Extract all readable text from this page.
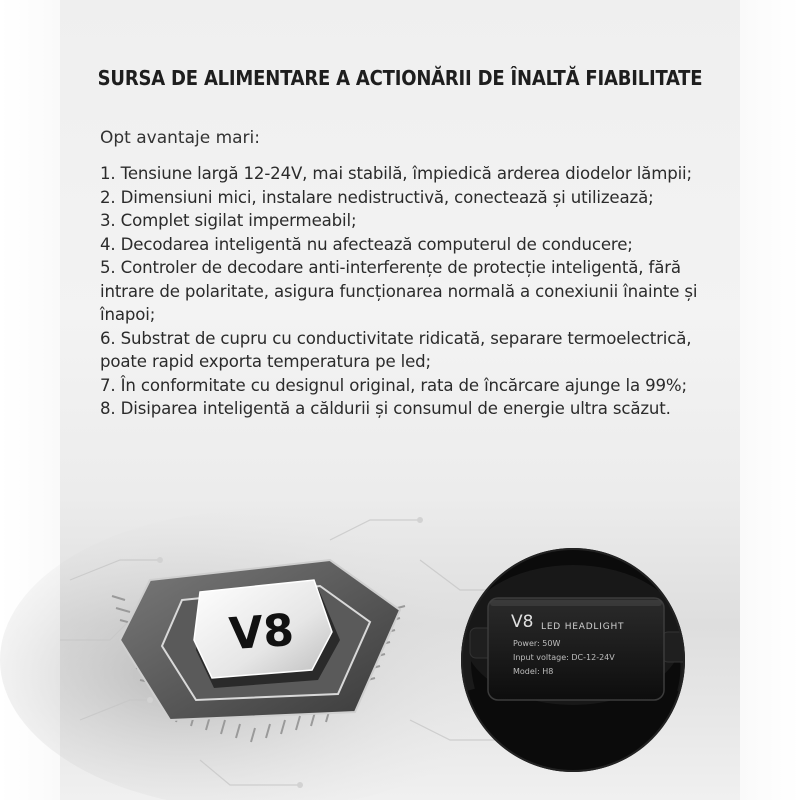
SURSA DE ALIMENTARE A ACTIONĂRII DE ÎNALTĂ FIABILITATE
Opt avantaje mari:
1. Tensiune largă 12-24V, mai stabilă, împiedică arderea diodelor lămpii;
2. Dimensiuni mici, instalare nedistructivă, conectează și utilizează;
3. Complet sigilat impermeabil;
4. Decodarea inteligentă nu afectează computerul de conducere;
5. Controler de decodare anti-interferențe de protecție inteligentă, fără intrare de polaritate, asigura funcționarea normală a conexiunii înainte și înapoi;
6. Substrat de cupru cu conductivitate ridicată, separare termoelectrică, poate rapid exporta temperatura pe led;
7. În conformitate cu designul original, rata de încărcare ajunge la 99%;
8. Disiparea inteligentă a căldurii și consumul de energie ultra scăzut.
V8	V8 LED HEADLIGHT
Power: 50W
Input voltage: DC-12-24V
Model: H8
